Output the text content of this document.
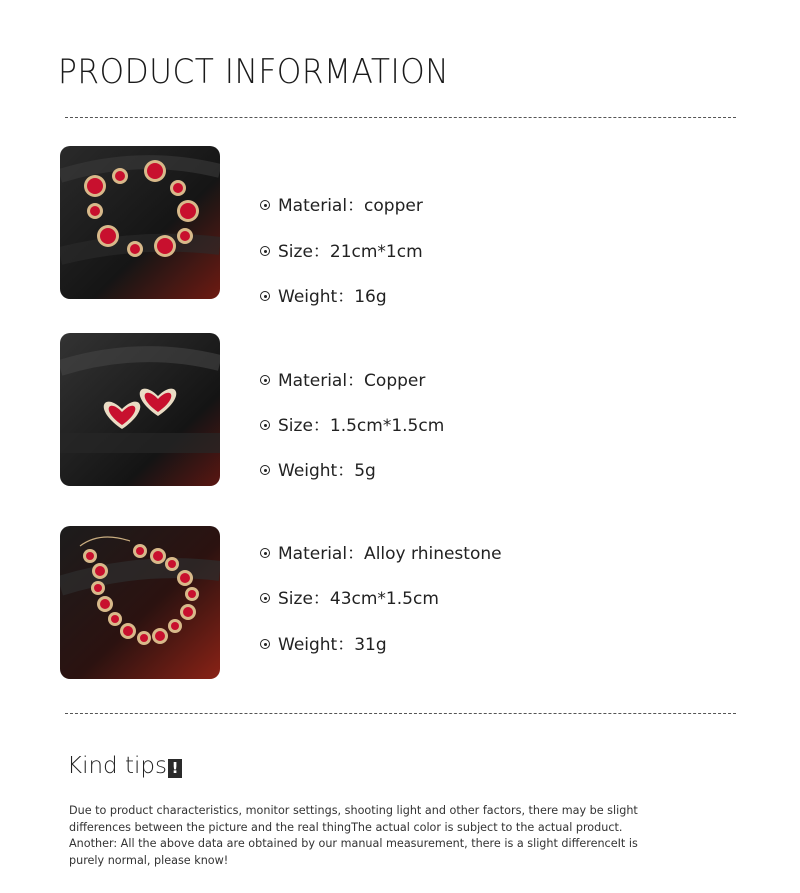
PRODUCT INFORMATION
Material：copper
Size：21cm*1cm
Weight：16g
Material：Copper
Size：1.5cm*1.5cm
Weight：5g
Material：Alloy rhinestone
Size：43cm*1.5cm
Weight：31g
Kind tips !

Due to product characteristics, monitor settings, shooting light and other factors, there may be slight differences between the picture and the real thingThe actual color is subject to the actual product. Another: All the above data are obtained by our manual measurement, there is a slight differenceIt is purely normal, please know!
